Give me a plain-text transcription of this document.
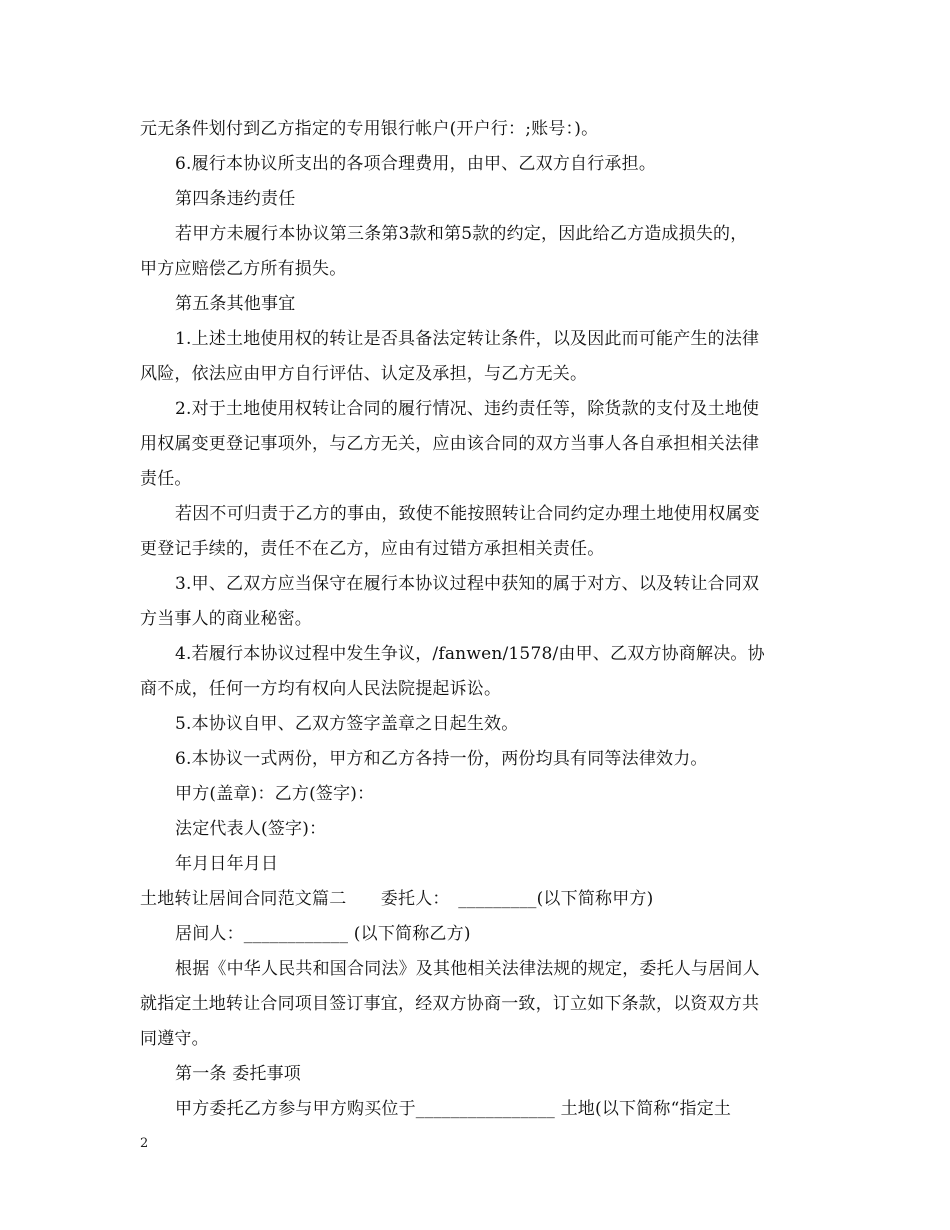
元无条件划付到乙方指定的专用银行帐户(开户行：;账号：)。
6.履行本协议所支出的各项合理费用，由甲、乙双方自行承担。
第四条违约责任
若甲方未履行本协议第三条第3款和第5款的约定，因此给乙方造成损失的，
甲方应赔偿乙方所有损失。
第五条其他事宜
1.上述土地使用权的转让是否具备法定转让条件，以及因此而可能产生的法律
风险，依法应由甲方自行评估、认定及承担，与乙方无关。
2.对于土地使用权转让合同的履行情况、违约责任等，除货款的支付及土地使
用权属变更登记事项外，与乙方无关，应由该合同的双方当事人各自承担相关法律
责任。
若因不可归责于乙方的事由，致使不能按照转让合同约定办理土地使用权属变
更登记手续的，责任不在乙方，应由有过错方承担相关责任。
3.甲、乙双方应当保守在履行本协议过程中获知的属于对方、以及转让合同双
方当事人的商业秘密。
4.若履行本协议过程中发生争议，/fanwen/1578/由甲、乙双方协商解决。协
商不成，任何一方均有权向人民法院提起诉讼。
5.本协议自甲、乙双方签字盖章之日起生效。
6.本协议一式两份，甲方和乙方各持一份，两份均具有同等法律效力。
甲方(盖章)：乙方(签字)：
法定代表人(签字)：
年月日年月日
土地转让居间合同范文篇二　　委托人：　_________(以下简称甲方)
居间人：____________ (以下简称乙方)
根据《中华人民共和国合同法》及其他相关法律法规的规定，委托人与居间人
就指定土地转让合同项目签订事宜，经双方协商一致，订立如下条款，以资双方共
同遵守。
第一条 委托事项
甲方委托乙方参与甲方购买位于________________ 土地(以下简称“指定土
2
